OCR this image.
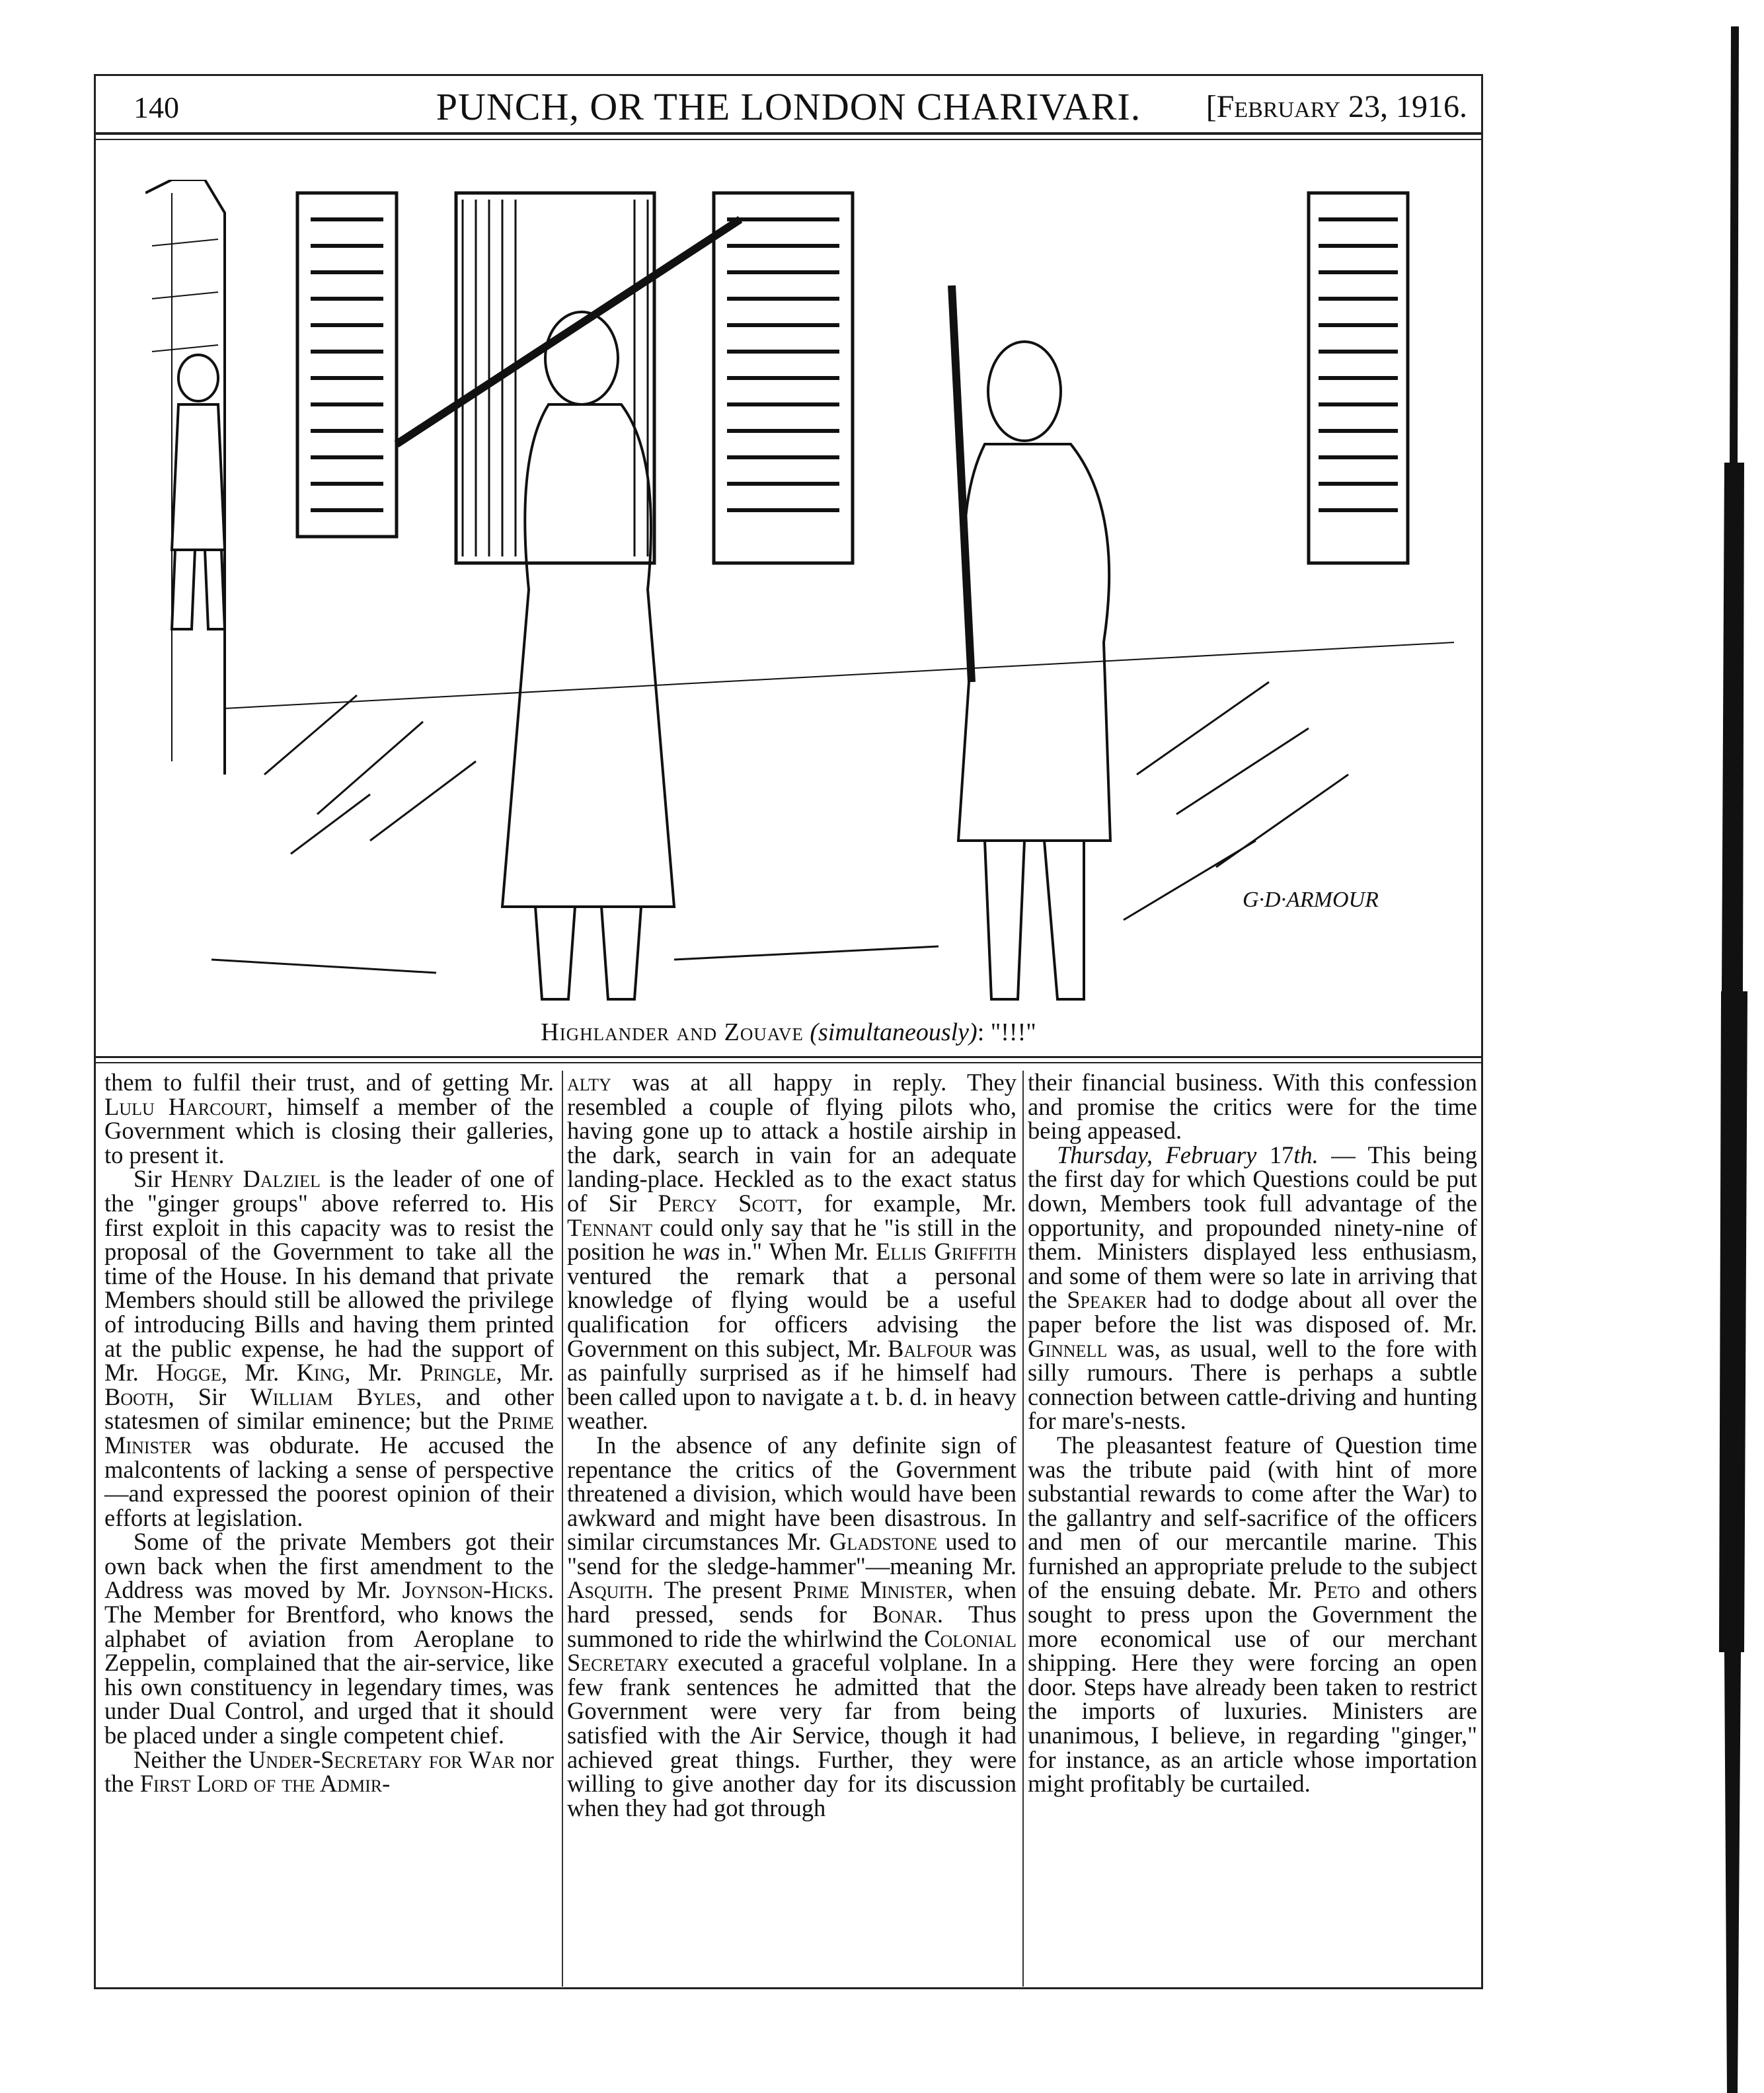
140	PUNCH, OR THE LONDON CHARIVARI.	[February 23, 1916.
G·D·ARMOUR
Highlander and Zouave (simultaneously): "!!!"

them to fulfil their trust, and of getting Mr. Lulu Harcourt, himself a member of the Government which is closing their galleries, to present it.

Sir Henry Dalziel is the leader of one of the "ginger groups" above referred to. His first exploit in this capacity was to resist the proposal of the Government to take all the time of the House. In his demand that private Members should still be allowed the privilege of introducing Bills and having them printed at the public expense, he had the support of Mr. Hogge, Mr. King, Mr. Pringle, Mr. Booth, Sir William Byles, and other statesmen of similar eminence; but the Prime Minister was obdurate. He accused the malcontents of lacking a sense of perspective—and expressed the poorest opinion of their efforts at legislation.

Some of the private Members got their own back when the first amendment to the Address was moved by Mr. Joynson-Hicks. The Member for Brentford, who knows the alphabet of aviation from Aeroplane to Zeppelin, complained that the air-service, like his own constituency in legendary times, was under Dual Control, and urged that it should be placed under a single competent chief.

Neither the Under-Secretary for War nor the First Lord of the Admir-

alty was at all happy in reply. They resembled a couple of flying pilots who, having gone up to attack a hostile airship in the dark, search in vain for an adequate landing-place. Heckled as to the exact status of Sir Percy Scott, for example, Mr. Tennant could only say that he "is still in the position he was in." When Mr. Ellis Griffith ventured the remark that a personal knowledge of flying would be a useful qualification for officers advising the Government on this subject, Mr. Balfour was as painfully surprised as if he himself had been called upon to navigate a t. b. d. in heavy weather.

In the absence of any definite sign of repentance the critics of the Government threatened a division, which would have been awkward and might have been disastrous. In similar circumstances Mr. Gladstone used to "send for the sledge-hammer"—meaning Mr. Asquith. The present Prime Minister, when hard pressed, sends for Bonar. Thus summoned to ride the whirlwind the Colonial Secretary executed a graceful volplane. In a few frank sentences he admitted that the Government were very far from being satisfied with the Air Service, though it had achieved great things. Further, they were willing to give another day for its discussion when they had got through

their financial business. With this confession and promise the critics were for the time being appeased.

Thursday, February 17th. — This being the first day for which Questions could be put down, Members took full advantage of the opportunity, and propounded ninety-nine of them. Ministers displayed less enthusiasm, and some of them were so late in arriving that the Speaker had to dodge about all over the paper before the list was disposed of. Mr. Ginnell was, as usual, well to the fore with silly rumours. There is perhaps a subtle connection between cattle-driving and hunting for mare's-nests.

The pleasantest feature of Question time was the tribute paid (with hint of more substantial rewards to come after the War) to the gallantry and self-sacrifice of the officers and men of our mercantile marine. This furnished an appropriate prelude to the subject of the ensuing debate. Mr. Peto and others sought to press upon the Government the more economical use of our merchant shipping. Here they were forcing an open door. Steps have already been taken to restrict the imports of luxuries. Ministers are unanimous, I believe, in regarding "ginger," for instance, as an article whose importation might profitably be curtailed.
